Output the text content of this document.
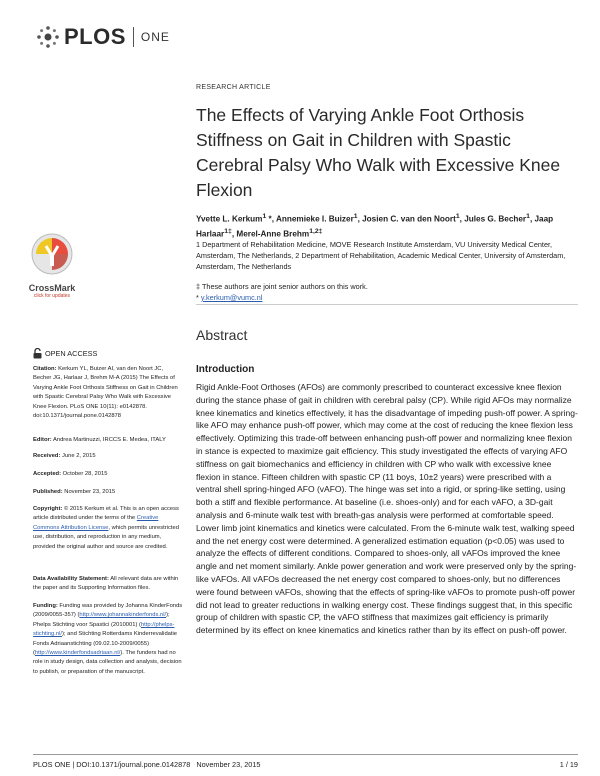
PLOS ONE
CrossMark
click for updates
RESEARCH ARTICLE
The Effects of Varying Ankle Foot Orthosis Stiffness on Gait in Children with Spastic Cerebral Palsy Who Walk with Excessive Knee Flexion
Yvette L. Kerkum$^1$ *, Annemieke I. Buizer$^1$, Josien C. van den Noort$^1$, Jules G. Becher$^1$, Jaap Harlaar$^{1\ddagger}$, Merel-Anne Brehm$^{1,2\ddagger}$
1 Department of Rehabilitation Medicine, MOVE Research Institute Amsterdam, VU University Medical Center, Amsterdam, The Netherlands, 2 Department of Rehabilitation, Academic Medical Center, University of Amsterdam, Amsterdam, The Netherlands
‡ These authors are joint senior authors on this work.
* y.kerkum@vumc.nl
Abstract
Introduction

Rigid Ankle-Foot Orthoses (AFOs) are commonly prescribed to counteract excessive knee flexion during the stance phase of gait in children with cerebral palsy (CP). While rigid AFOs may normalize knee kinematics and kinetics effectively, it has the disadvantage of impeding push-off power. A spring-like AFO may enhance push-off power, which may come at the cost of reducing the knee flexion less effectively. Optimizing this trade-off between enhancing push-off power and normalizing knee flexion in stance is expected to maximize gait efficiency. This study investigated the effects of varying AFO stiffness on gait biomechanics and efficiency in children with CP who walk with excessive knee flexion in stance. Fifteen children with spastic CP (11 boys, 10±2 years) were prescribed with a ventral shell spring-hinged AFO (vAFO). The hinge was set into a rigid, or spring-like setting, using both a stiff and flexible performance. At baseline (i.e. shoes-only) and for each vAFO, a 3D-gait analysis and 6-minute walk test with breath-gas analysis were performed at comfortable speed. Lower limb joint kinematics and kinetics were calculated. From the 6-minute walk test, walking speed and the net energy cost were determined. A generalized estimation equation (p<0.05) was used to analyze the effects of different conditions. Compared to shoes-only, all vAFOs improved the knee angle and net moment similarly. Ankle power generation and work were preserved only by the spring-like vAFOs. All vAFOs decreased the net energy cost compared to shoes-only, but no differences were found between vAFOs, showing that the effects of spring-like vAFOs to promote push-off power did not lead to greater reductions in walking energy cost. These findings suggest that, in this specific group of children with spastic CP, the vAFO stiffness that maximizes gait efficiency is primarily determined by its effect on knee kinematics and kinetics rather than by its effect on push-off power.

OPEN ACCESS
Citation: Kerkum YL, Buizer AI, van den Noort JC, Becher JG, Harlaar J, Brehm M-A (2015) The Effects of Varying Ankle Foot Orthosis Stiffness on Gait in Children with Spastic Cerebral Palsy Who Walk with Excessive Knee Flexion. PLoS ONE 10(11): e0142878. doi:10.1371/journal.pone.0142878
Editor: Andrea Martinuzzi, IRCCS E. Medea, ITALY
Received: June 2, 2015
Accepted: October 28, 2015
Published: November 23, 2015
Copyright: © 2015 Kerkum et al. This is an open access article distributed under the terms of the Creative Commons Attribution License, which permits unrestricted use, distribution, and reproduction in any medium, provided the original author and source are credited.
Data Availability Statement: All relevant data are within the paper and its Supporting Information files.
Funding: Funding was provided by Johanna KinderFonds (2009/0055-357) (http://www.johannakinderfonds.nl/); Phelps Stichting voor Spastici (2010001) (http://phelps-stichting.nl/); and Stichting Rotterdams Kinderrevalidatie Fonds Adriaanstichting (09.02.10-2009/0055) (http://www.kinderfondsadriaan.nl/). The funders had no role in study design, data collection and analysis, decision to publish, or preparation of the manuscript.
PLOS ONE | DOI:10.1371/journal.pone.0142878 November 23, 2015	1 / 19
